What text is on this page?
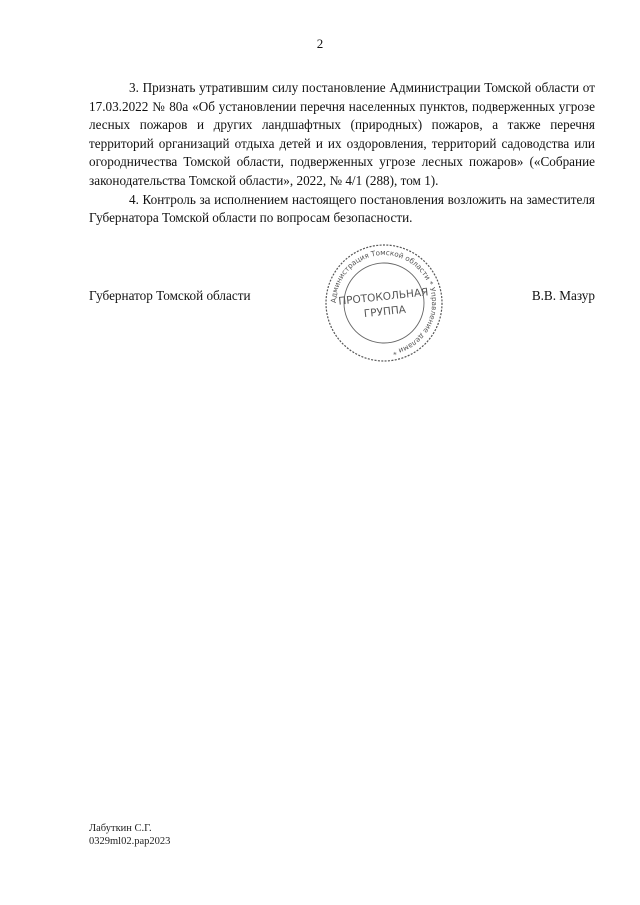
2

3. Признать утратившим силу постановление Администрации Томской области от 17.03.2022 № 80а «Об установлении перечня населенных пунктов, подверженных угрозе лесных пожаров и других ландшафтных (природных) пожаров, а также перечня территорий организаций отдыха детей и их оздоровления, территорий садоводства или огородничества Томской области, подверженных угрозе лесных пожаров» («Собрание законодательства Томской области», 2022, № 4/1 (288), том 1).

4. Контроль за исполнением настоящего постановления возложить на заместителя Губернатора Томской области по вопросам безопасности.

Губернатор Томской области	В.В. Мазур
Администрация Томской области * Управление делами *
ПРОТОКОЛЬНАЯ
ГРУППА
Лабуткин С.Г.
0329ml02.pap2023
